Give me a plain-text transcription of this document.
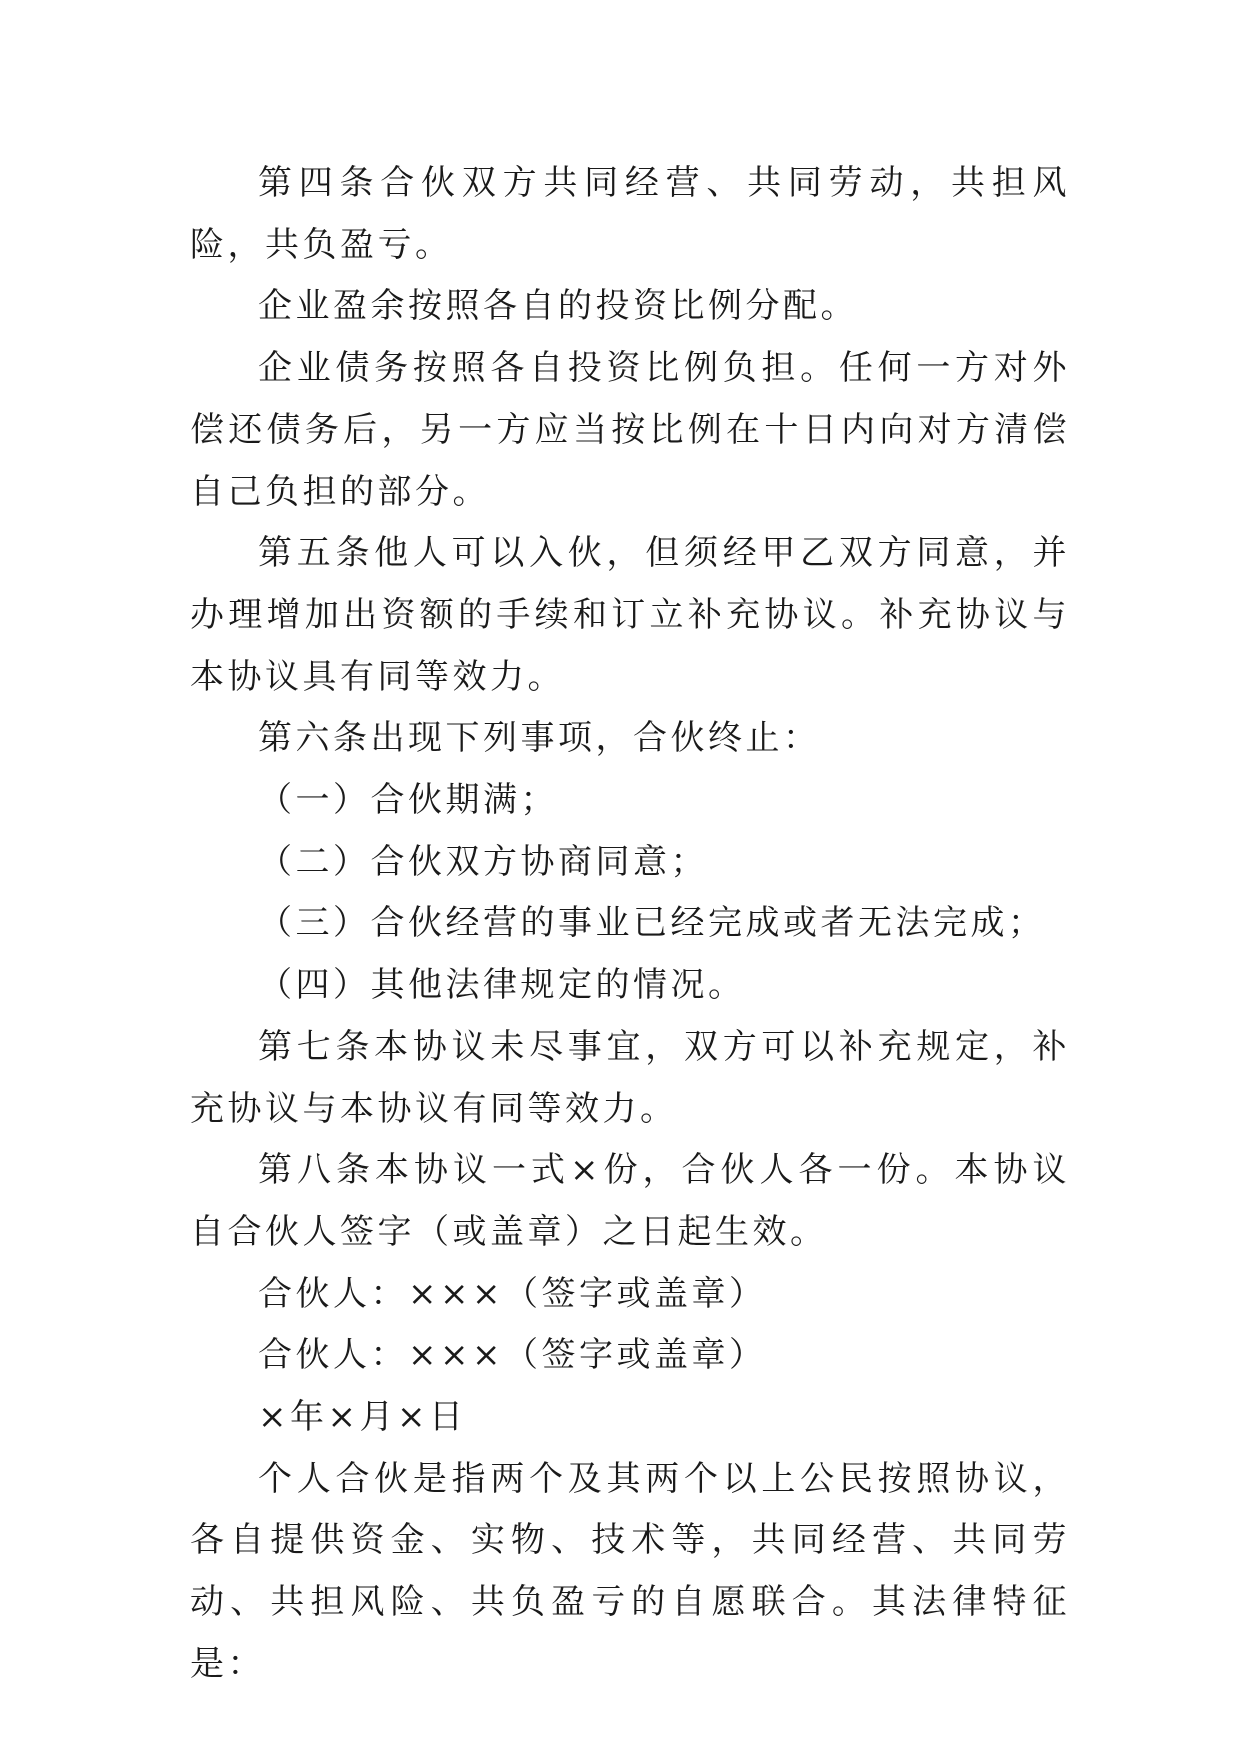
第四条合伙双方共同经营、共同劳动，共担风险，共负盈亏。

企业盈余按照各自的投资比例分配。

企业债务按照各自投资比例负担。任何一方对外偿还债务后，另一方应当按比例在十日内向对方清偿自己负担的部分。

第五条他人可以入伙，但须经甲乙双方同意，并办理增加出资额的手续和订立补充协议。补充协议与本协议具有同等效力。

第六条出现下列事项，合伙终止：

（一）合伙期满；

（二）合伙双方协商同意；

（三）合伙经营的事业已经完成或者无法完成；

（四）其他法律规定的情况。

第七条本协议未尽事宜，双方可以补充规定，补充协议与本协议有同等效力。

第八条本协议一式×份，合伙人各一份。本协议自合伙人签字（或盖章）之日起生效。

合伙人：×××（签字或盖章）

合伙人：×××（签字或盖章）

×年×月×日

个人合伙是指两个及其两个以上公民按照协议，各自提供资金、实物、技术等，共同经营、共同劳动、共担风险、共负盈亏的自愿联合。其法律特征是：
